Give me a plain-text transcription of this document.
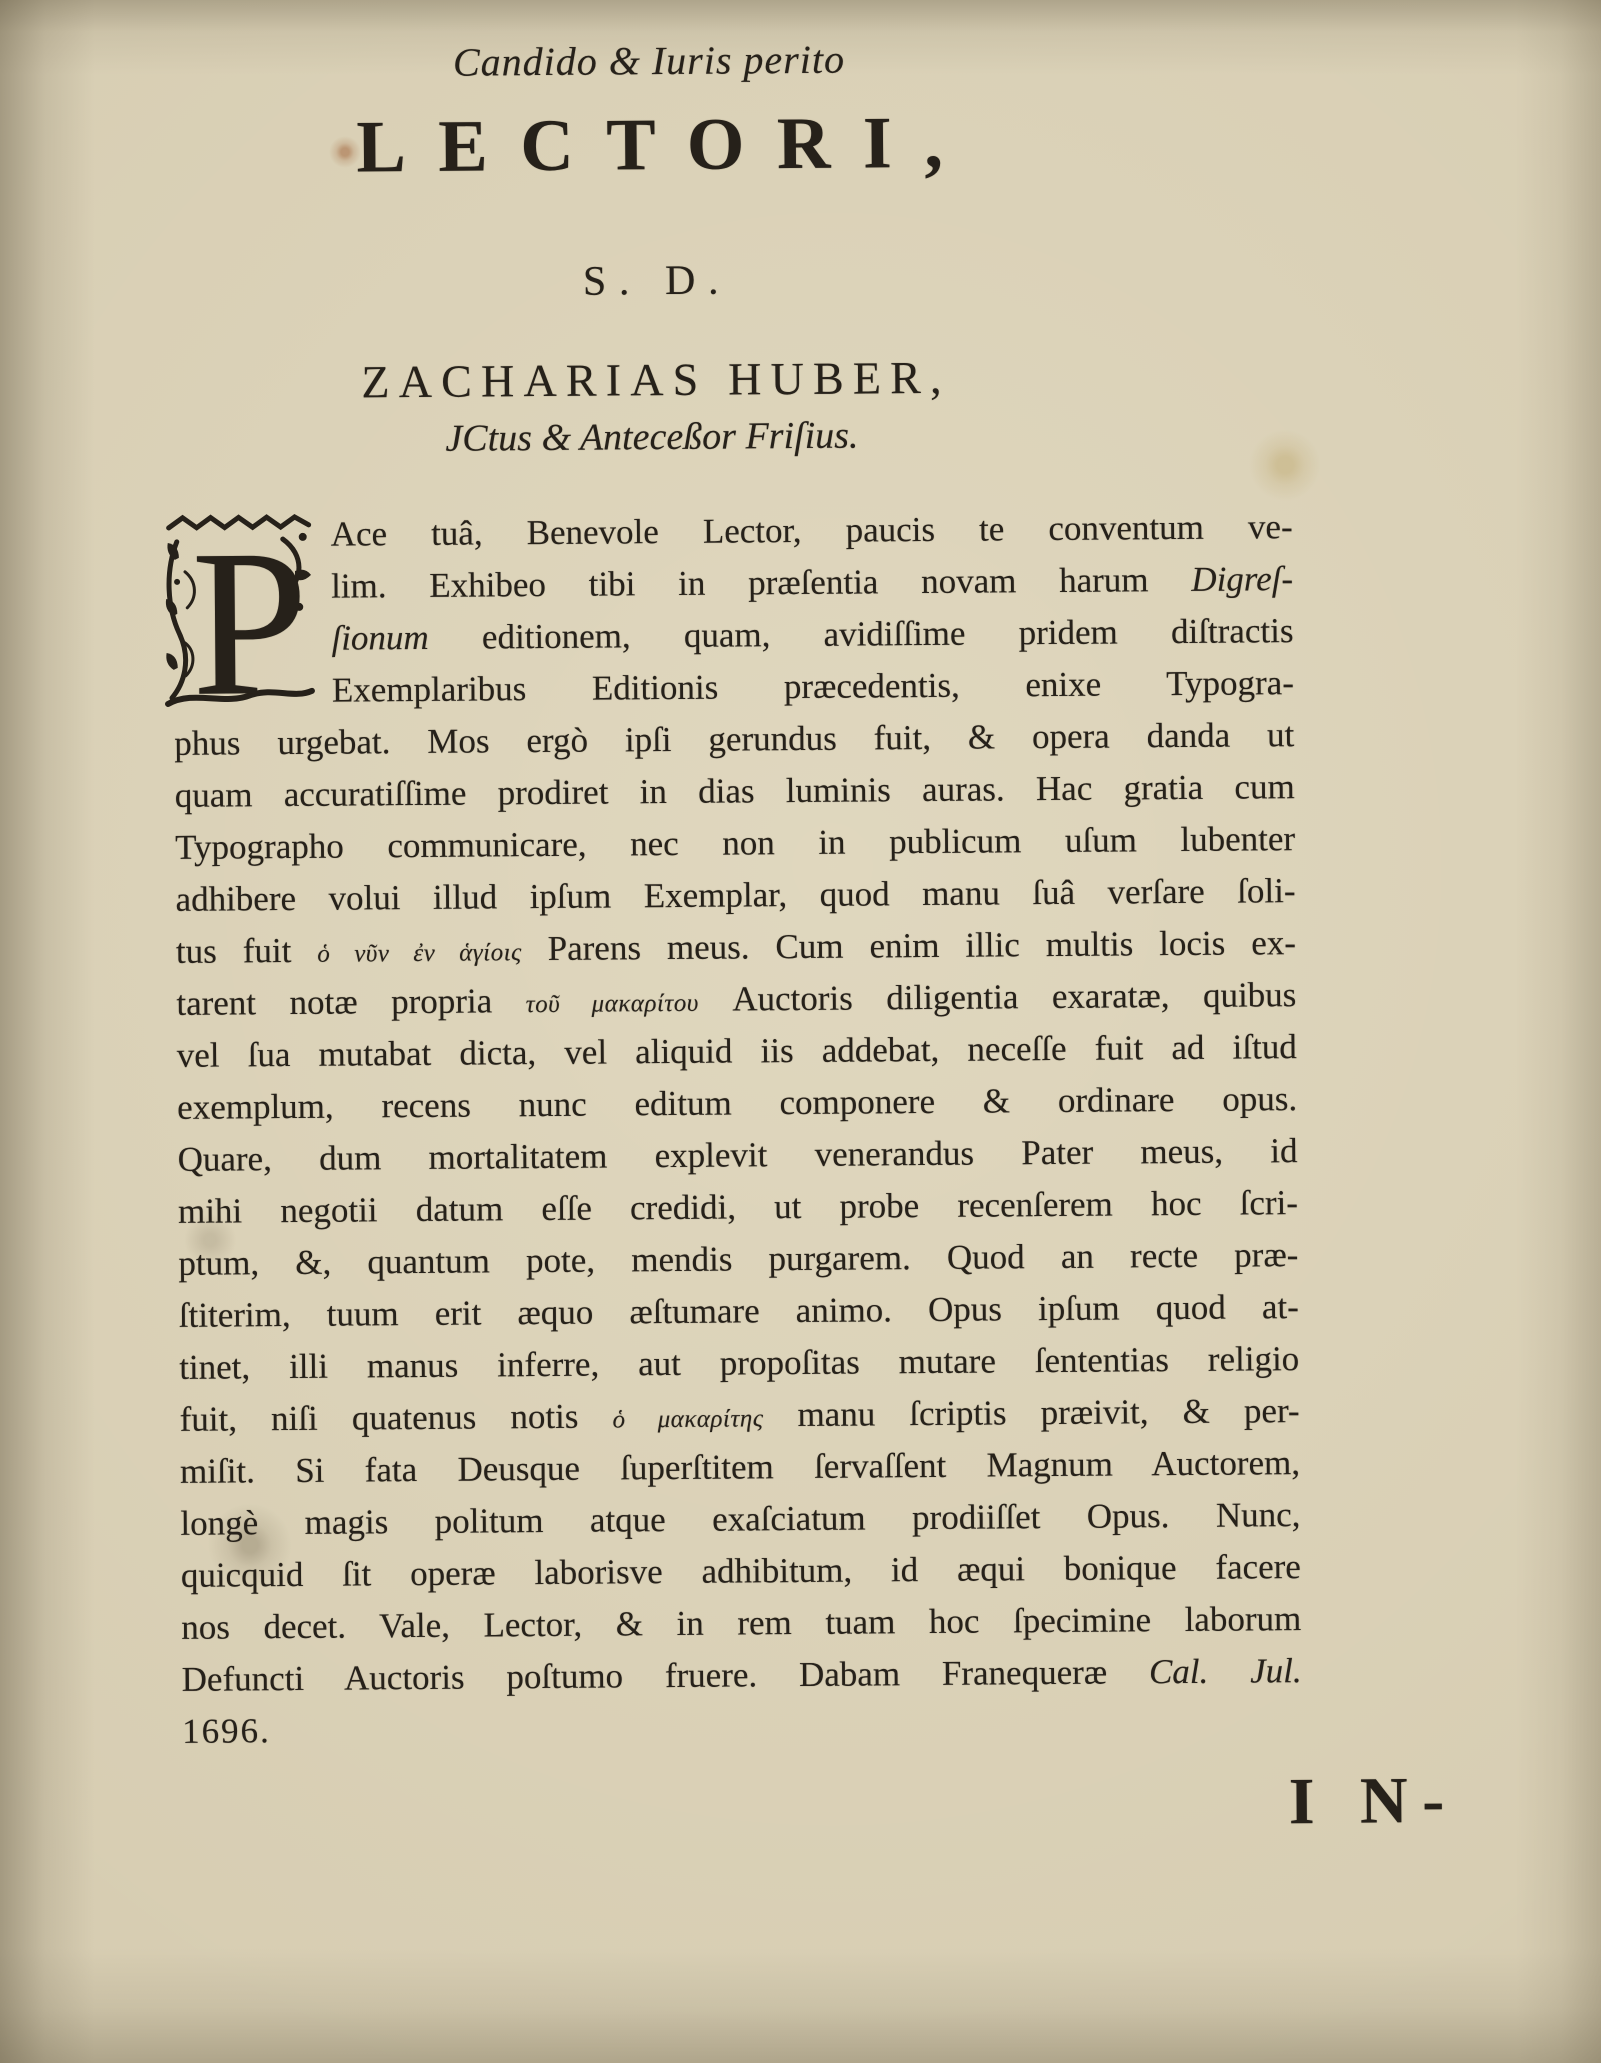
Candido & Iuris perito
LECTORI,
S. D.
ZACHARIAS HUBER,
JCtus & Anteceßor Friſius.
P Ace tuâ, Benevole Lector, paucis te conventum ve-
lim. Exhibeo tibi in præſentia novam harum Digreſ-
ſionum editionem, quam, avidiſſime pridem diſtractis
Exemplaribus Editionis præcedentis, enixe Typogra-
phus urgebat. Mos ergò ipſi gerundus fuit, & opera danda ut
quam accuratiſſime prodiret in dias luminis auras. Hac gratia cum
Typographo communicare, nec non in publicum uſum lubenter
adhibere volui illud ipſum Exemplar, quod manu ſuâ verſare ſoli-
tus fuit ὁ νῦν ἐν ἁγίοις Parens meus. Cum enim illic multis locis ex-
tarent notæ propria τοῦ μακαρίτου Auctoris diligentia exaratæ, quibus
vel ſua mutabat dicta, vel aliquid iis addebat, neceſſe fuit ad iſtud
exemplum, recens nunc editum componere & ordinare opus.
Quare, dum mortalitatem explevit venerandus Pater meus, id
mihi negotii datum eſſe credidi, ut probe recenſerem hoc ſcri-
ptum, &, quantum pote, mendis purgarem. Quod an recte præ-
ſtiterim, tuum erit æquo æſtumare animo. Opus ipſum quod at-
tinet, illi manus inferre, aut propoſitas mutare ſententias religio
fuit, niſi quatenus notis ὁ μακαρίτης manu ſcriptis præivit, & per-
miſit. Si fata Deusque ſuperſtitem ſervaſſent Magnum Auctorem,
longè magis politum atque exaſciatum prodiiſſet Opus. Nunc,
quicquid ſit operæ laborisve adhibitum, id æqui bonique facere
nos decet. Vale, Lector, & in rem tuam hoc ſpecimine laborum
Defuncti Auctoris poſtumo fruere. Dabam Franequeræ Cal. Jul.
1696.
I N-
